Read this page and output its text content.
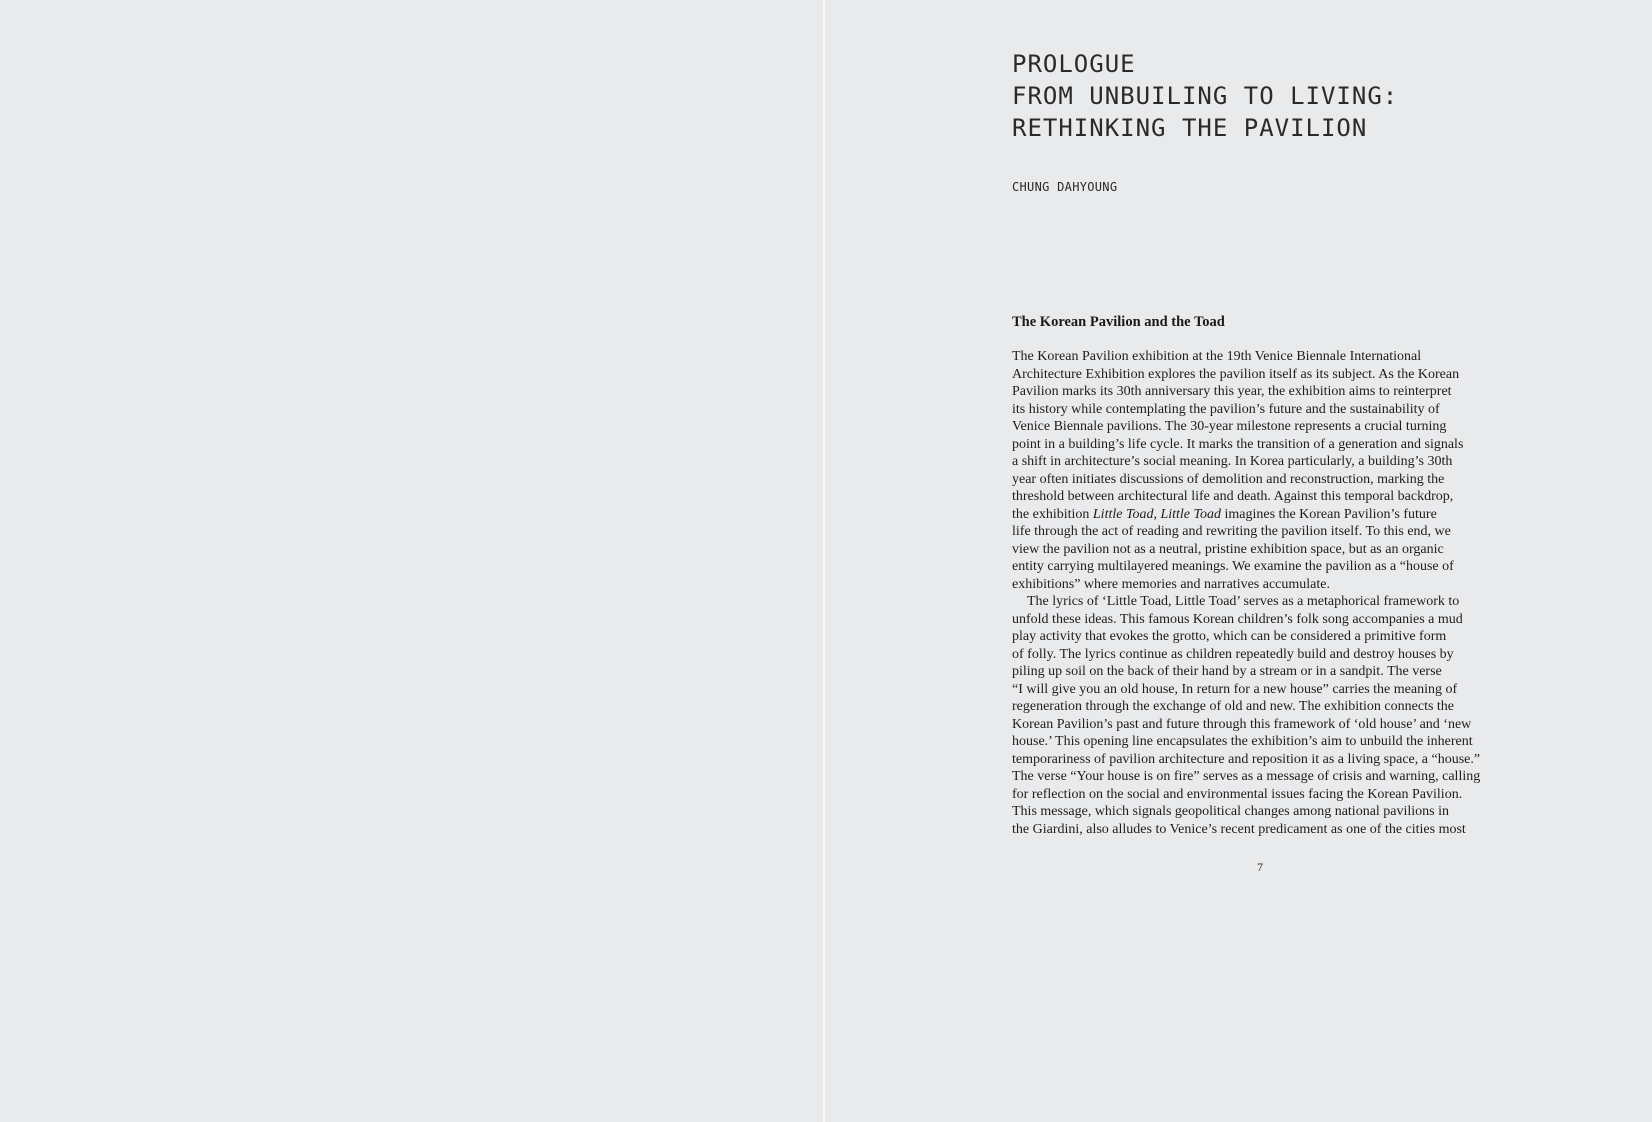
PROLOGUE
FROM UNBUILING TO LIVING:
RETHINKING THE PAVILION

CHUNG DAHYOUNG

The Korean Pavilion and the Toad
The Korean Pavilion exhibition at the 19th Venice Biennale International
Architecture Exhibition explores the pavilion itself as its subject. As the Korean
Pavilion marks its 30th anniversary this year, the exhibition aims to reinterpret
its history while contemplating the pavilion’s future and the sustainability of
Venice Biennale pavilions. The 30-year milestone represents a crucial turning
point in a building’s life cycle. It marks the transition of a generation and signals
a shift in architecture’s social meaning. In Korea particularly, a building’s 30th
year often initiates discussions of demolition and reconstruction, marking the
threshold between architectural life and death. Against this temporal backdrop,
the exhibition Little Toad, Little Toad imagines the Korean Pavilion’s future
life through the act of reading and rewriting the pavilion itself. To this end, we
view the pavilion not as a neutral, pristine exhibition space, but as an organic
entity carrying multilayered meanings. We examine the pavilion as a “house of
exhibitions” where memories and narratives accumulate.
The lyrics of ‘Little Toad, Little Toad’ serves as a metaphorical framework to
unfold these ideas. This famous Korean children’s folk song accompanies a mud
play activity that evokes the grotto, which can be considered a primitive form
of folly. The lyrics continue as children repeatedly build and destroy houses by
piling up soil on the back of their hand by a stream or in a sandpit. The verse
“I will give you an old house, In return for a new house” carries the meaning of
regeneration through the exchange of old and new. The exhibition connects the
Korean Pavilion’s past and future through this framework of ‘old house’ and ‘new
house.’ This opening line encapsulates the exhibition’s aim to unbuild the inherent
temporariness of pavilion architecture and reposition it as a living space, a “house.”
The verse “Your house is on fire” serves as a message of crisis and warning, calling
for reflection on the social and environmental issues facing the Korean Pavilion.
This message, which signals geopolitical changes among national pavilions in
the Giardini, also alludes to Venice’s recent predicament as one of the cities most

7
